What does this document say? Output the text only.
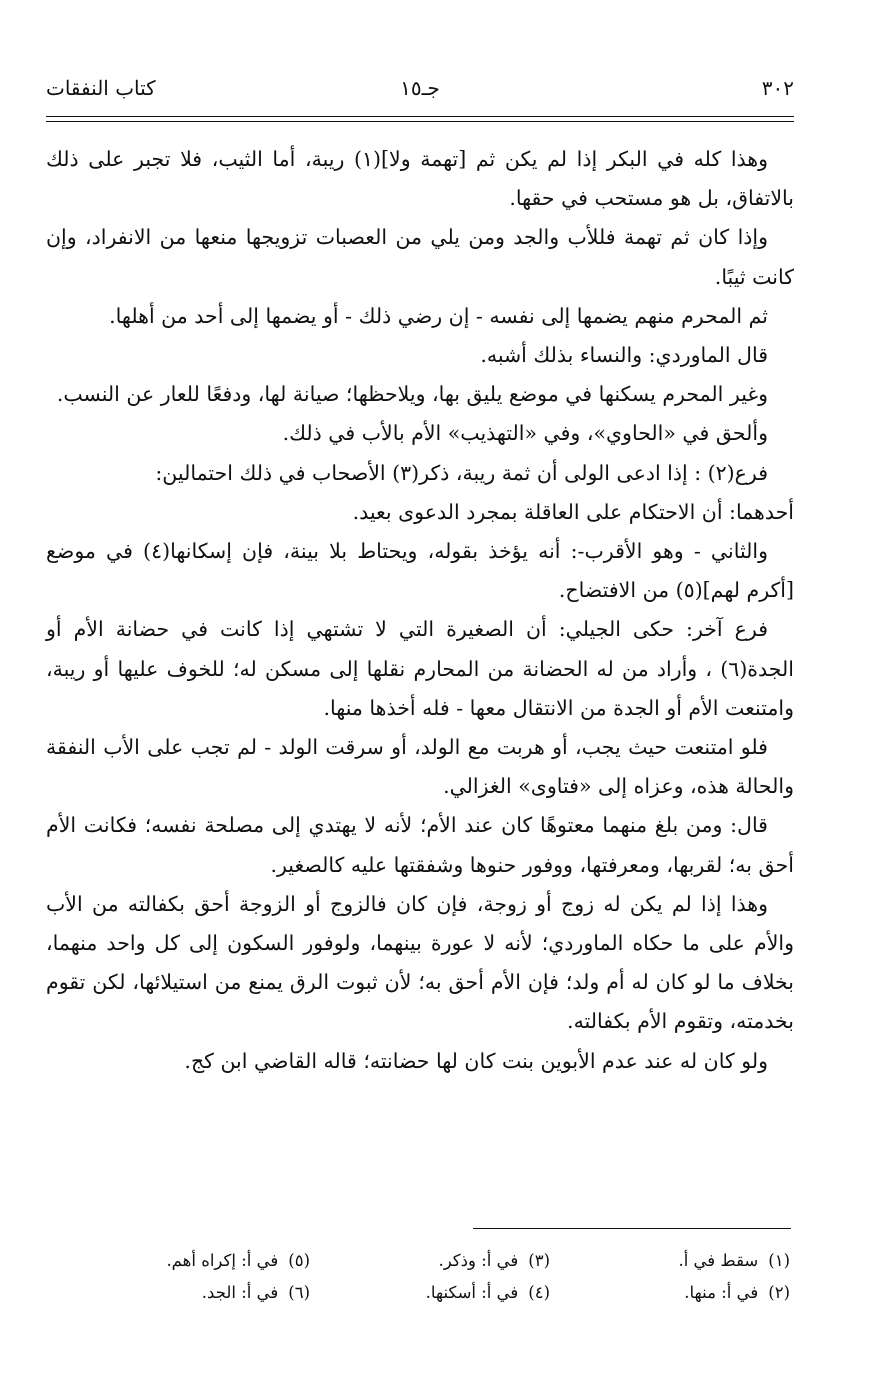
٣٠٢
جـ١٥
كتاب النفقات

وهذا كله في البكر إذا لم يكن ثم [تهمة ولا](١) ريبة، أما الثيب، فلا تجبر على ذلك بالاتفاق، بل هو مستحب في حقها.

وإذا كان ثم تهمة فللأب والجد ومن يلي من العصبات تزويجها منعها من الانفراد، وإن كانت ثيبًا.

ثم المحرم منهم يضمها إلى نفسه - إن رضي ذلك - أو يضمها إلى أحد من أهلها.

قال الماوردي: والنساء بذلك أشبه.

وغير المحرم يسكنها في موضع يليق بها، ويلاحظها؛ صيانة لها، ودفعًا للعار عن النسب.

وألحق في «الحاوي»، وفي «التهذيب» الأم بالأب في ذلك.

فرع(٢) : إذا ادعى الولى أن ثمة ريبة، ذكر(٣) الأصحاب في ذلك احتمالين:

أحدهما: أن الاحتكام على العاقلة بمجرد الدعوى بعيد.

والثاني - وهو الأقرب-: أنه يؤخذ بقوله، ويحتاط بلا بينة، فإن إسكانها(٤) في موضع [أكرم لهم](٥) من الافتضاح.

فرع آخر: حكى الجيلي: أن الصغيرة التي لا تشتهي إذا كانت في حضانة الأم أو الجدة(٦) ، وأراد من له الحضانة من المحارم نقلها إلى مسكن له؛ للخوف عليها أو ريبة، وامتنعت الأم أو الجدة من الانتقال معها - فله أخذها منها.

فلو امتنعت حيث يجب، أو هربت مع الولد، أو سرقت الولد - لم تجب على الأب النفقة والحالة هذه، وعزاه إلى «فتاوى» الغزالي.

قال: ومن بلغ منهما معتوهًا كان عند الأم؛ لأنه لا يهتدي إلى مصلحة نفسه؛ فكانت الأم أحق به؛ لقربها، ومعرفتها، ووفور حنوها وشفقتها عليه كالصغير.

وهذا إذا لم يكن له زوج أو زوجة، فإن كان فالزوج أو الزوجة أحق بكفالته من الأب والأم على ما حكاه الماوردي؛ لأنه لا عورة بينهما، ولوفور السكون إلى كل واحد منهما، بخلاف ما لو كان له أم ولد؛ فإن الأم أحق به؛ لأن ثبوت الرق يمنع من استيلائها، لكن تقوم بخدمته، وتقوم الأم بكفالته.

ولو كان له عند عدم الأبوين بنت كان لها حضانته؛ قاله القاضي ابن كج.

(١)سقط في أ.
(٣)في أ: وذكر.
(٥)في أ: إكراه أهم.
(٢)في أ: منها.
(٤)في أ: أسكنها.
(٦)في أ: الجد.
